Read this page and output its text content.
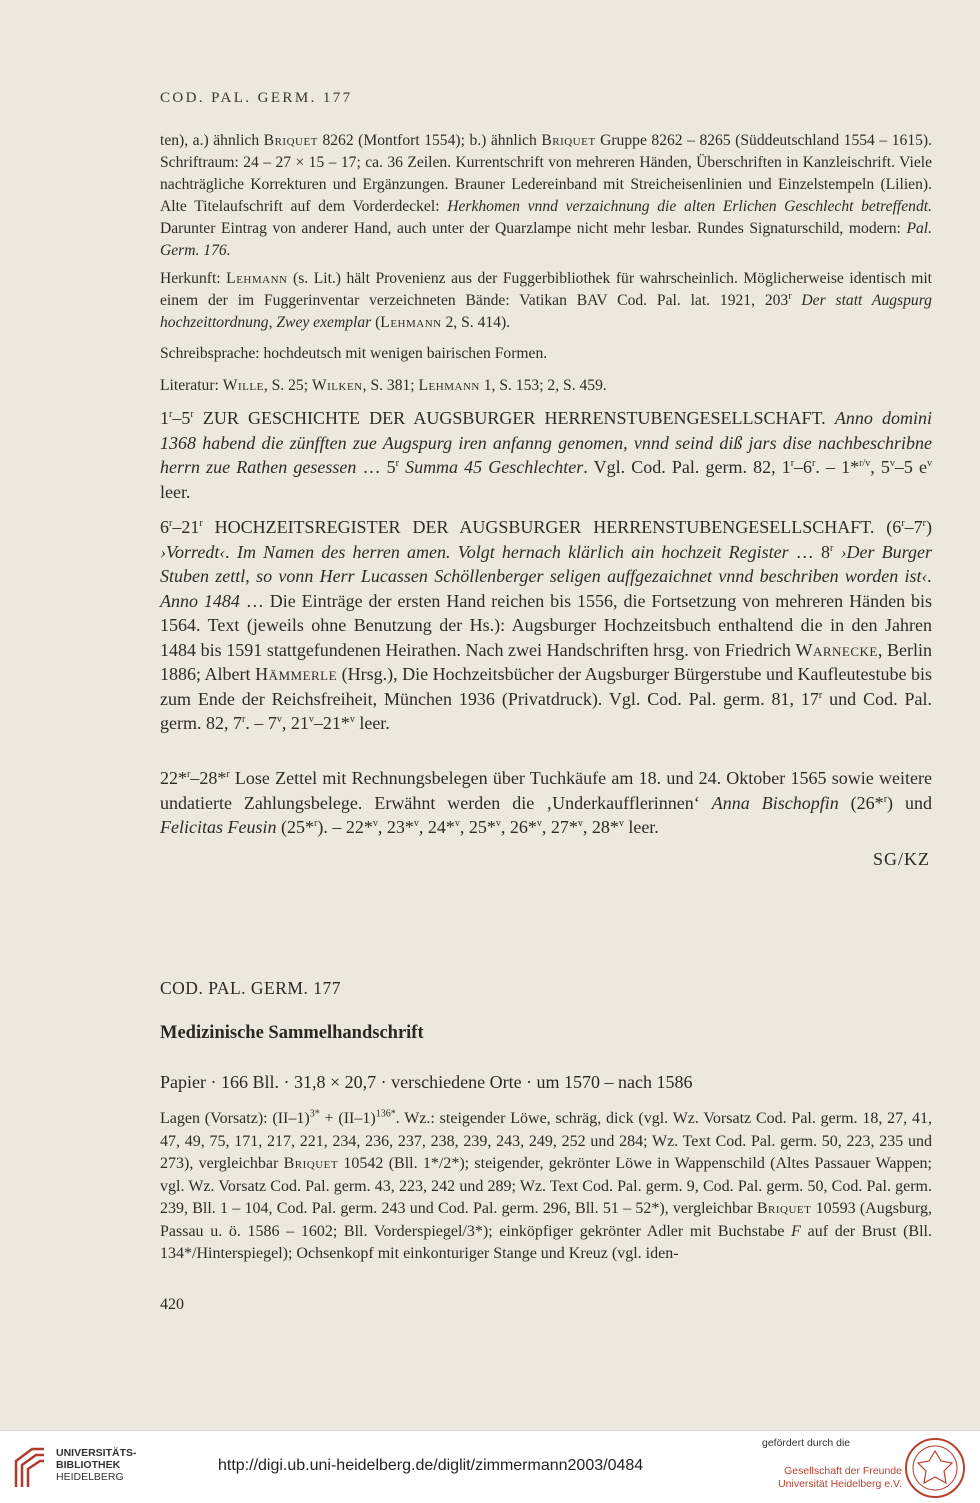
COD. PAL. GERM. 177
ten), a.) ähnlich Briquet 8262 (Montfort 1554); b.) ähnlich Briquet Gruppe 8262 – 8265 (Süddeutschland 1554 – 1615). Schriftraum: 24 – 27 × 15 – 17; ca. 36 Zeilen. Kurrentschrift von mehreren Händen, Überschriften in Kanzleischrift. Viele nachträgliche Korrekturen und Ergänzungen. Brauner Ledereinband mit Streicheisenlinien und Einzelstempeln (Lilien). Alte Titelaufschrift auf dem Vorderdeckel: Herkhomen vnnd verzaichnung die alten Erlichen Geschlecht betreffendt. Darunter Eintrag von anderer Hand, auch unter der Quarzlampe nicht mehr lesbar. Rundes Signaturschild, modern: Pal. Germ. 176.
Herkunft: Lehmann (s. Lit.) hält Provenienz aus der Fuggerbibliothek für wahrscheinlich. Möglicherweise identisch mit einem der im Fuggerinventar verzeichneten Bände: Vatikan BAV Cod. Pal. lat. 1921, 203$^r$ Der statt Augspurg hochzeittordnung, Zwey exemplar (Lehmann 2, S. 414).
Schreibsprache: hochdeutsch mit wenigen bairischen Formen.
Literatur: Wille, S. 25; Wilken, S. 381; Lehmann 1, S. 153; 2, S. 459.
1$^r$–5$^r$ ZUR GESCHICHTE DER AUGSBURGER HERRENSTUBENGESELLSCHAFT. Anno domini 1368 habend die zünfften zue Augspurg iren anfanng genomen, vnnd seind diß jars dise nachbeschribne herrn zue Rathen gesessen … 5$^r$ Summa 45 Geschlechter. Vgl. Cod. Pal. germ. 82, 1$^r$–6$^r$. – 1*$^{r/v}$, 5$^v$–5 $e^v$ leer.
6$^r$–21$^r$ HOCHZEITSREGISTER DER AUGSBURGER HERRENSTUBENGESELLSCHAFT. (6$^r$–7$^r$) ›Vorredt‹. Im Namen des herren amen. Volgt hernach klärlich ain hochzeit Register … 8$^r$ ›Der Burger Stuben zettl, so vonn Herr Lucassen Schöllenberger seligen auffgezaichnet vnnd beschriben worden ist‹. Anno 1484 … Die Einträge der ersten Hand reichen bis 1556, die Fortsetzung von mehreren Händen bis 1564. Text (jeweils ohne Benutzung der Hs.): Augsburger Hochzeitsbuch enthaltend die in den Jahren 1484 bis 1591 stattgefundenen Heirathen. Nach zwei Handschriften hrsg. von Friedrich Warnecke, Berlin 1886; Albert Hämmerle (Hrsg.), Die Hochzeitsbücher der Augsburger Bürgerstube und Kaufleutestube bis zum Ende der Reichsfreiheit, München 1936 (Privatdruck). Vgl. Cod. Pal. germ. 81, 17$^r$ und Cod. Pal. germ. 82, 7$^r$. – 7$^v$, 21$^v$–21*$^v$ leer.
22*$^r$–28*$^r$ Lose Zettel mit Rechnungsbelegen über Tuchkäufe am 18. und 24. Oktober 1565 sowie weitere undatierte Zahlungsbelege. Erwähnt werden die ‚Underkaufflerinnen‘ Anna Bischopfin (26*$^r$) und Felicitas Feusin (25*$^r$). – 22*$^v$, 23*$^v$, 24*$^v$, 25*$^v$, 26*$^v$, 27*$^v$, 28*$^v$ leer.
SG/KZ
COD. PAL. GERM. 177
Medizinische Sammelhandschrift
Papier · 166 Bll. · 31,8 × 20,7 · verschiedene Orte · um 1570 – nach 1586
Lagen (Vorsatz): $(II-1)^{3*} + (II-1)^{136*}$. Wz.: steigender Löwe, schräg, dick (vgl. Wz. Vorsatz Cod. Pal. germ. 18, 27, 41, 47, 49, 75, 171, 217, 221, 234, 236, 237, 238, 239, 243, 249, 252 und 284; Wz. Text Cod. Pal. germ. 50, 223, 235 und 273), vergleichbar Briquet 10542 (Bll. 1*/2*); steigender, gekrönter Löwe in Wappenschild (Altes Passauer Wappen; vgl. Wz. Vorsatz Cod. Pal. germ. 43, 223, 242 und 289; Wz. Text Cod. Pal. germ. 9, Cod. Pal. germ. 50, Cod. Pal. germ. 239, Bll. 1 – 104, Cod. Pal. germ. 243 und Cod. Pal. germ. 296, Bll. 51 – 52*), vergleichbar Briquet 10593 (Augsburg, Passau u. ö. 1586 – 1602; Bll. Vorderspiegel/3*); einköpfiger gekrönter Adler mit Buchstabe F auf der Brust (Bll. 134*/Hinterspiegel); Ochsenkopf mit einkonturiger Stange und Kreuz (vgl. iden-
420
UNIVERSITÄTS-
BIBLIOTHEK
HEIDELBERG
http://digi.ub.uni-heidelberg.de/diglit/zimmermann2003/0484
gefördert durch die
Gesellschaft der Freunde
Universität Heidelberg e.V.
